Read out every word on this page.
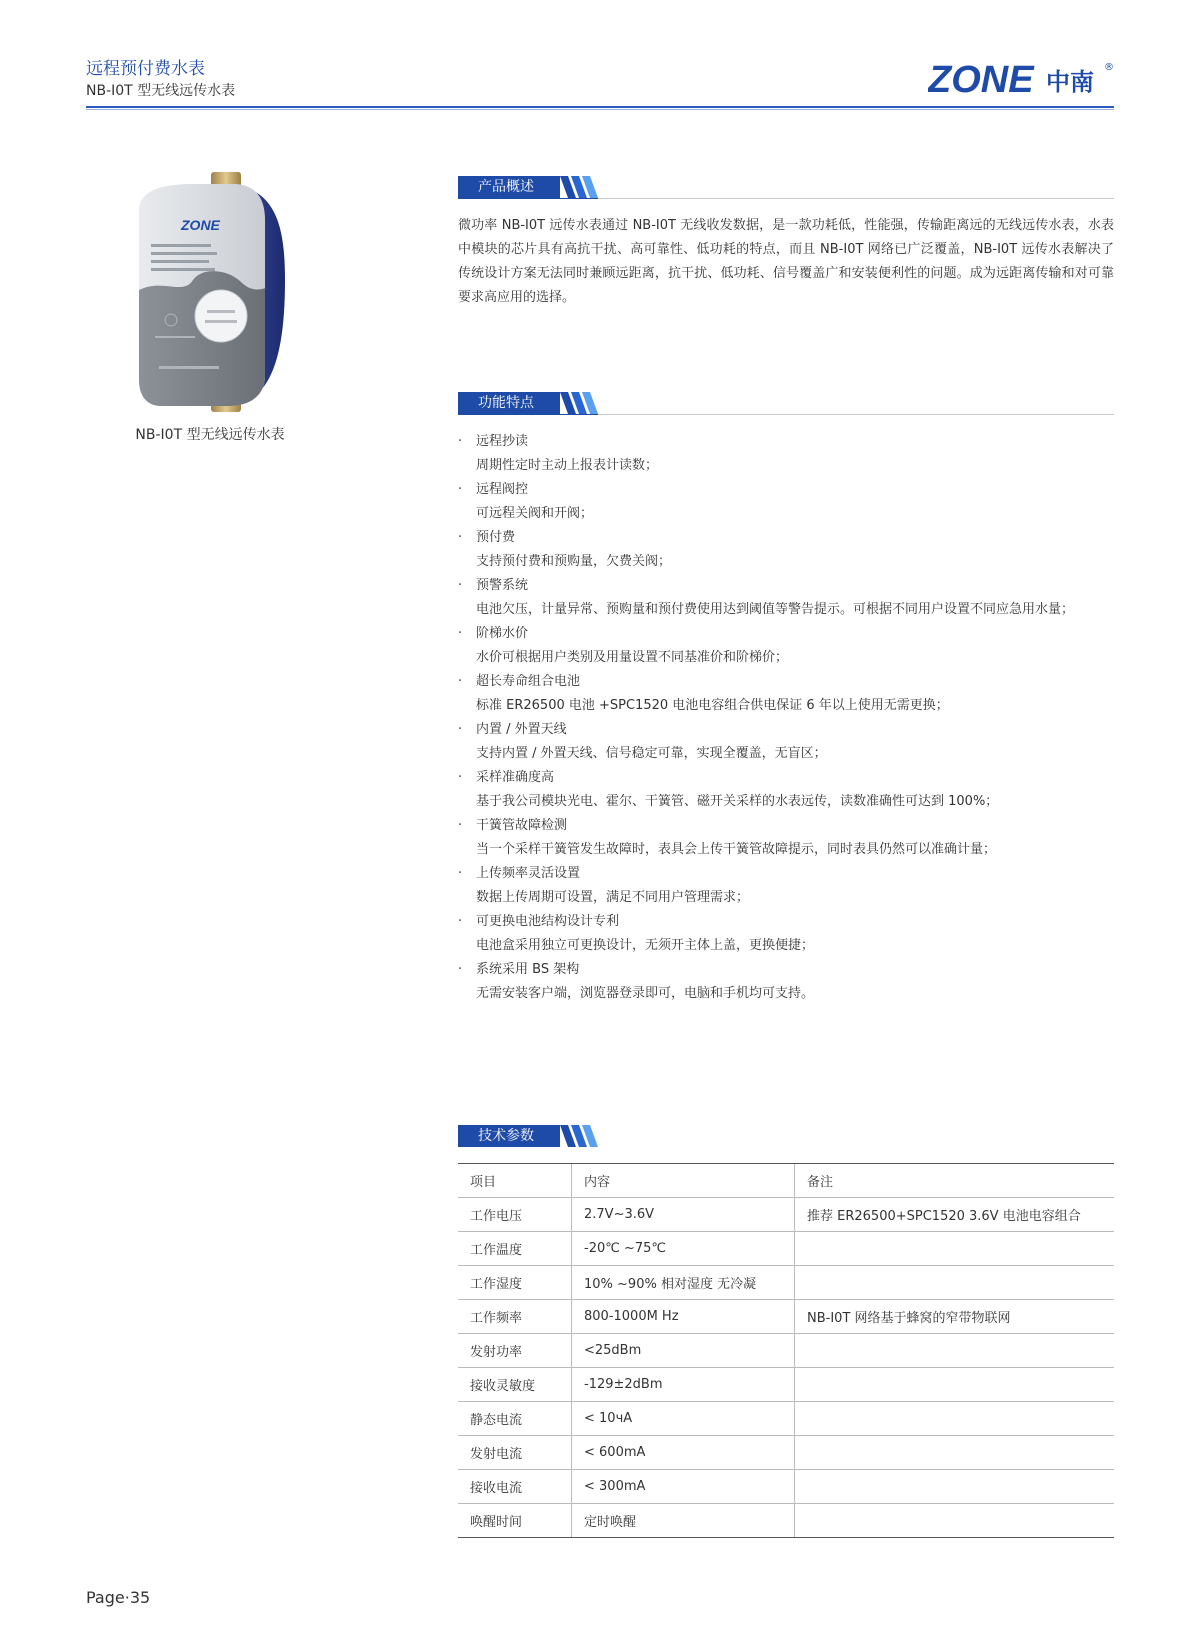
远程预付费水表
NB-I0T 型无线远传水表	ZONE 中南
®
ZONE
NB-I0T 型无线远传水表
产品概述
微功率 NB-I0T 远传水表通过 NB-I0T 无线收发数据，是一款功耗低，性能强，传输距离远的无线远传水表，水表中模块的芯片具有高抗干扰、高可靠性、低功耗的特点，而且 NB-I0T 网络已广泛覆盖，NB-I0T 远传水表解决了传统设计方案无法同时兼顾远距离，抗干扰、低功耗、信号覆盖广和安装便利性的问题。成为远距离传输和对可靠要求高应用的选择。
功能特点
· 远程抄读
周期性定时主动上报表计读数；
· 远程阀控
可远程关阀和开阀；
· 预付费
支持预付费和预购量，欠费关阀；
· 预警系统
电池欠压，计量异常、预购量和预付费使用达到阈值等警告提示。可根据不同用户设置不同应急用水量；
· 阶梯水价
水价可根据用户类别及用量设置不同基准价和阶梯价；
· 超长寿命组合电池
标准 ER26500 电池 +SPC1520 电池电容组合供电保证 6 年以上使用无需更换；
· 内置 / 外置天线
支持内置 / 外置天线、信号稳定可靠，实现全覆盖，无盲区；
· 采样准确度高
基于我公司模块光电、霍尔、干簧管、磁开关采样的水表远传，读数准确性可达到 100%；
· 干簧管故障检测
当一个采样干簧管发生故障时，表具会上传干簧管故障提示，同时表具仍然可以准确计量；
· 上传频率灵活设置
数据上传周期可设置，满足不同用户管理需求；
· 可更换电池结构设计专利
电池盒采用独立可更换设计，无须开主体上盖，更换便捷；
· 系统采用 BS 架构
无需安装客户端，浏览器登录即可，电脑和手机均可支持。
技术参数
项目	内容	备注
工作电压	2.7V~3.6V	推荐 ER26500+SPC1520 3.6V 电池电容组合
工作温度	-20℃ ~75℃	
工作湿度	10% ~90% 相对湿度 无冷凝	
工作频率	800-1000M Hz	NB-I0T 网络基于蜂窝的窄带物联网
发射功率	<25dBm	
接收灵敏度	-129±2dBm	
静态电流	< 10чA	
发射电流	< 600mA	
接收电流	< 300mA	
唤醒时间	定时唤醒	
Page·35
